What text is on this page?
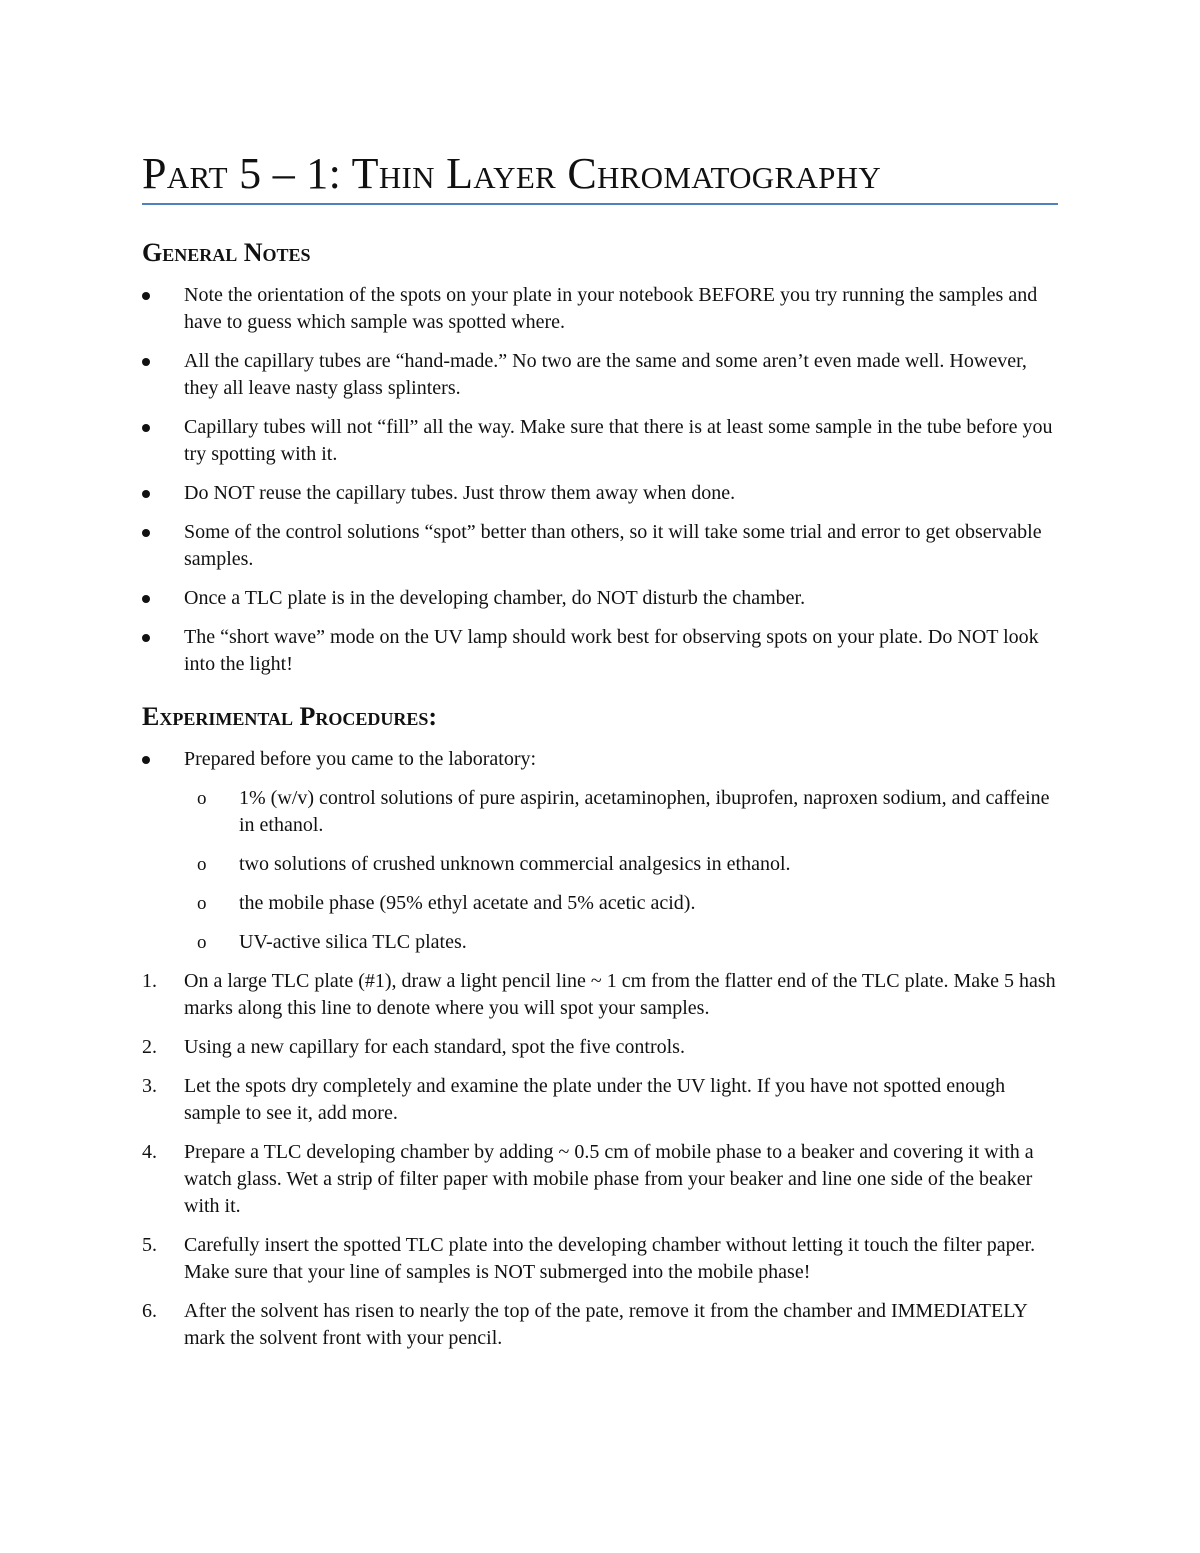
Part 5 – 1: Thin Layer Chromatography
General Notes
Note the orientation of the spots on your plate in your notebook BEFORE you try running the samples and have to guess which sample was spotted where.
All the capillary tubes are “hand-made.” No two are the same and some aren’t even made well. However, they all leave nasty glass splinters.
Capillary tubes will not “fill” all the way. Make sure that there is at least some sample in the tube before you try spotting with it.
Do NOT reuse the capillary tubes. Just throw them away when done.
Some of the control solutions “spot” better than others, so it will take some trial and error to get observable samples.
Once a TLC plate is in the developing chamber, do NOT disturb the chamber.
The “short wave” mode on the UV lamp should work best for observing spots on your plate. Do NOT look into the light!
Experimental Procedures:
Prepared before you came to the laboratory:
o 1% (w/v) control solutions of pure aspirin, acetaminophen, ibuprofen, naproxen sodium, and caffeine in ethanol.
o two solutions of crushed unknown commercial analgesics in ethanol.
o the mobile phase (95% ethyl acetate and 5% acetic acid).
o UV-active silica TLC plates.
1. On a large TLC plate (#1), draw a light pencil line ~ 1 cm from the flatter end of the TLC plate. Make 5 hash marks along this line to denote where you will spot your samples.
2. Using a new capillary for each standard, spot the five controls.
3. Let the spots dry completely and examine the plate under the UV light. If you have not spotted enough sample to see it, add more.
4. Prepare a TLC developing chamber by adding ~ 0.5 cm of mobile phase to a beaker and covering it with a watch glass. Wet a strip of filter paper with mobile phase from your beaker and line one side of the beaker with it.
5. Carefully insert the spotted TLC plate into the developing chamber without letting it touch the filter paper. Make sure that your line of samples is NOT submerged into the mobile phase!
6. After the solvent has risen to nearly the top of the pate, remove it from the chamber and IMMEDIATELY mark the solvent front with your pencil.
